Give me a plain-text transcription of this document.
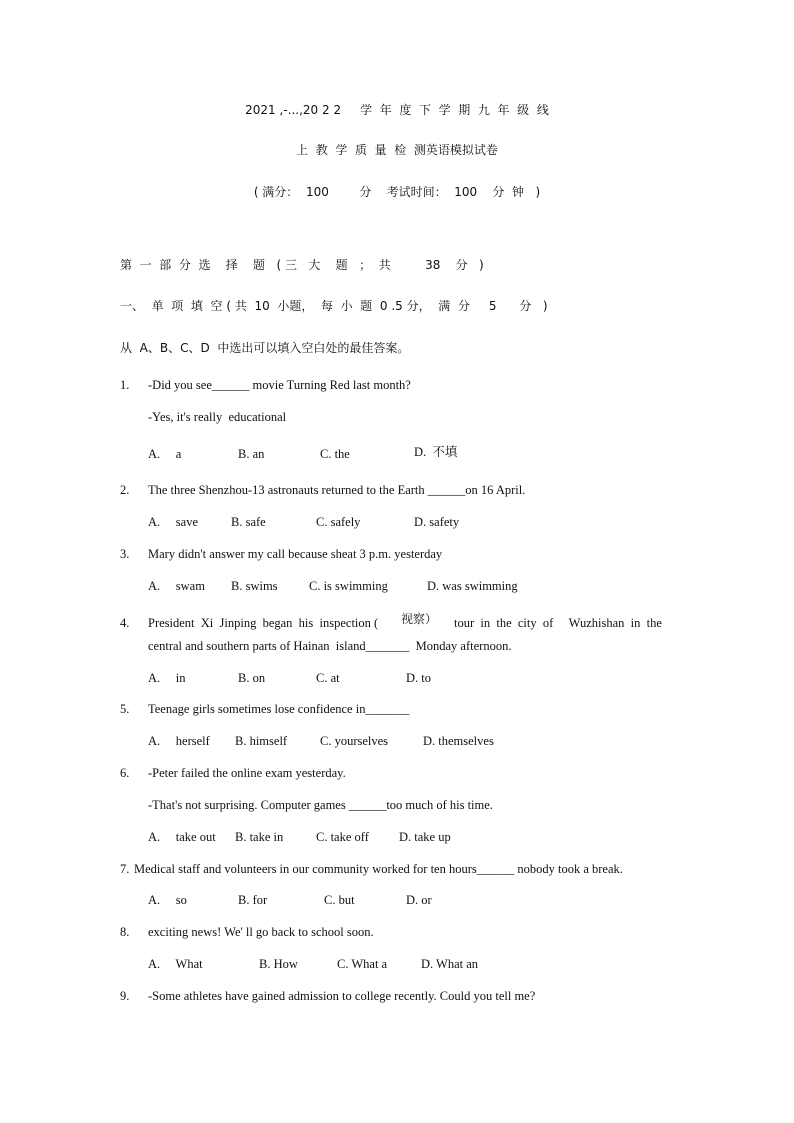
2021 ,-...,20 2 2     学  年  度  下  学  期  九  年  级  线
上  教  学  质  量  检  测英语模拟试卷
( 满分：  100        分    考试时间：  100    分  钟   )
第  一  部  分  选    择    题   ( 三   大    题   ；  共         38    分   )
一、  单  项  填  空 ( 共  10  小题，  每  小  题  0 .5 分，  满  分     5      分   )
从  A、B、C、D  中选出可以填入空白处的最佳答案。
1. -Did you see______ movie Turning Red last month?
-Yes, it's really  educational
A.     a	B. an	C. the	D.  不填
2. The three Shenzhou-13 astronauts returned to the Earth ______on 16 April.
A.     save	B. safe	C. safely	D. safety
3. Mary didn't answer my call because sheat 3 p.m. yesterday
A.     swam B. swims	C. is swimming	D. was swimming
4. President  Xi  Jinping  began  his  inspection ( 视察） tour  in  the  city  of     Wuzhishan  in  the
central and southern parts of Hainan  island_______  Monday afternoon.
A.     in	B. on	C. at	D. to
5. Teenage girls sometimes lose confidence in_______
A.     herself B. himself	C. yourselves	D. themselves
6. -Peter failed the online exam yesterday.
-That's not surprising. Computer games ______too much of his time.
A.     take out B. take in	C. take off D. take up
7. Medical staff and volunteers in our community worked for ten hours______ nobody took a break.
A.     so	B. for	C. but	D. or
8. exciting news! We' ll go back to school soon.
A.     What	B. How	C. What a	D. What an
9. -Some athletes have gained admission to college recently. Could you tell me?
